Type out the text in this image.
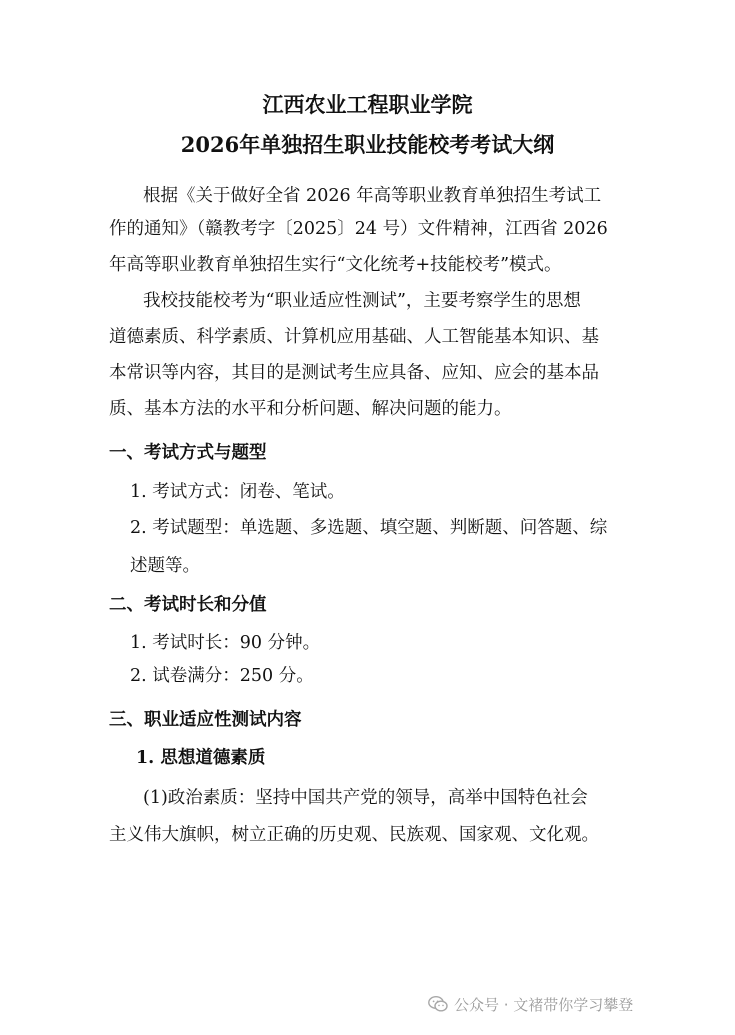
江西农业工程职业学院
2026年单独招生职业技能校考考试大纲
根据《关于做好全省 2026 年高等职业教育单独招生考试工
作的通知》（赣教考字〔2025〕24 号）文件精神，江西省 2026
年高等职业教育单独招生实行“文化统考+技能校考”模式。
我校技能校考为“职业适应性测试”，主要考察学生的思想
道德素质、科学素质、计算机应用基础、人工智能基本知识、基
本常识等内容，其目的是测试考生应具备、应知、应会的基本品
质、基本方法的水平和分析问题、解决问题的能力。
一、考试方式与题型
1. 考试方式：闭卷、笔试。
2. 考试题型：单选题、多选题、填空题、判断题、问答题、综
述题等。
二、考试时长和分值
1. 考试时长：90 分钟。
2. 试卷满分：250 分。
三、职业适应性测试内容
1. 思想道德素质
(1)政治素质：坚持中国共产党的领导，高举中国特色社会
主义伟大旗帜，树立正确的历史观、民族观、国家观、文化观。
公众号 · 文褚带你学习攀登
